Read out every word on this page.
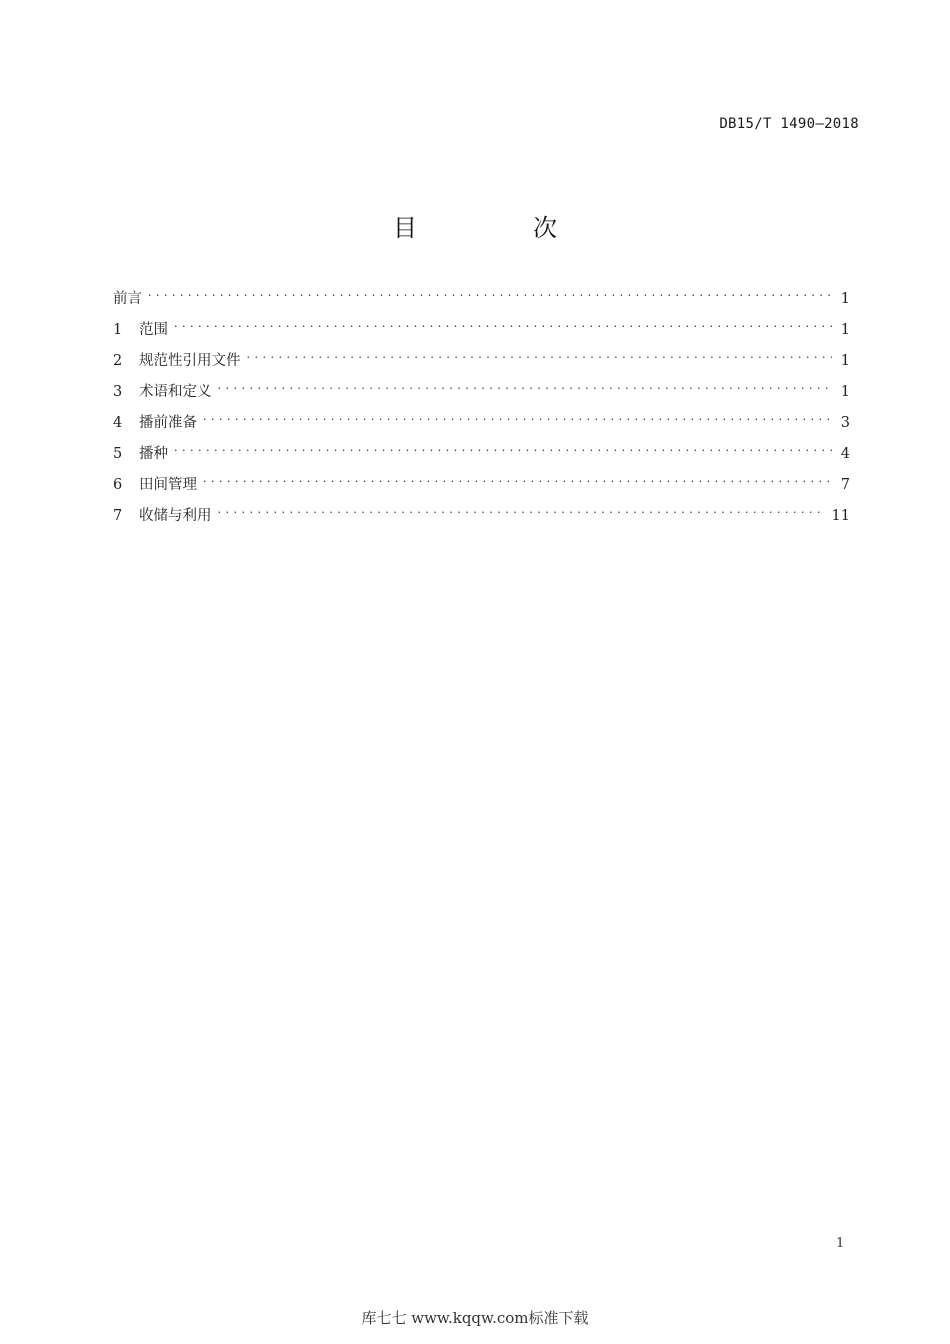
DB15/T 1490—2018
目　次
前言 . . .	1
1	范围 . . .	1
2	规范性引用文件 . . .	1
3	术语和定义 . . .	1
4	播前准备 . . .	3
5	播种 . . .	4
6	田间管理 . . .	7
7	收储与利用 . . .	11
1
库七七 www.kqqw.com标准下载
